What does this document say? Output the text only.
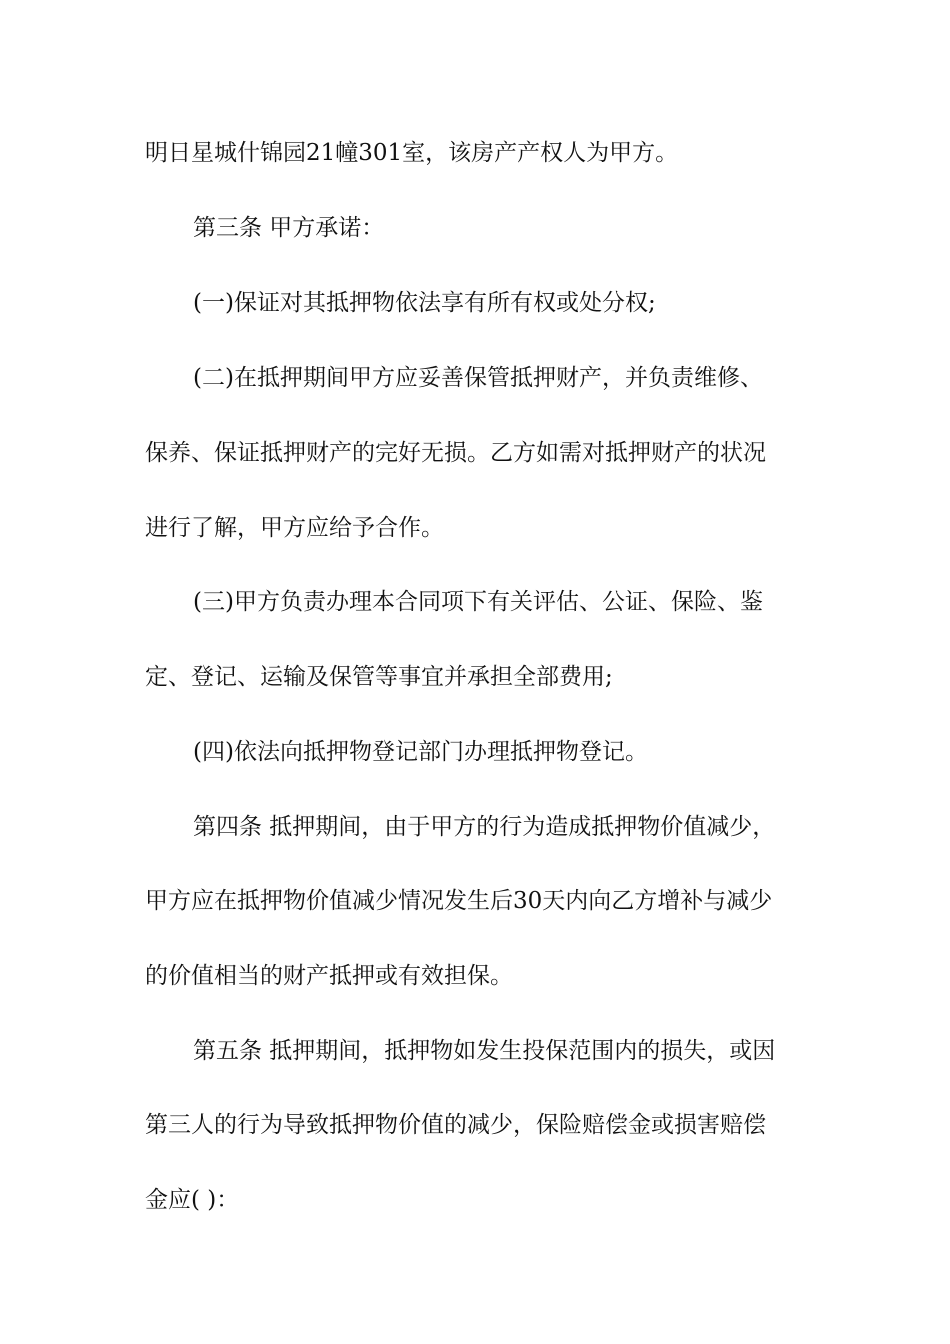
明日星城什锦园21幢301室，该房产产权人为甲方。
第三条 甲方承诺：
(一)保证对其抵押物依法享有所有权或处分权;
(二)在抵押期间甲方应妥善保管抵押财产，并负责维修、
保养、保证抵押财产的完好无损。乙方如需对抵押财产的状况
进行了解，甲方应给予合作。
(三)甲方负责办理本合同项下有关评估、公证、保险、鉴
定、登记、运输及保管等事宜并承担全部费用;
(四)依法向抵押物登记部门办理抵押物登记。
第四条 抵押期间，由于甲方的行为造成抵押物价值减少，
甲方应在抵押物价值减少情况发生后30天内向乙方增补与减少
的价值相当的财产抵押或有效担保。
第五条 抵押期间，抵押物如发生投保范围内的损失，或因
第三人的行为导致抵押物价值的减少，保险赔偿金或损害赔偿
金应( )：
